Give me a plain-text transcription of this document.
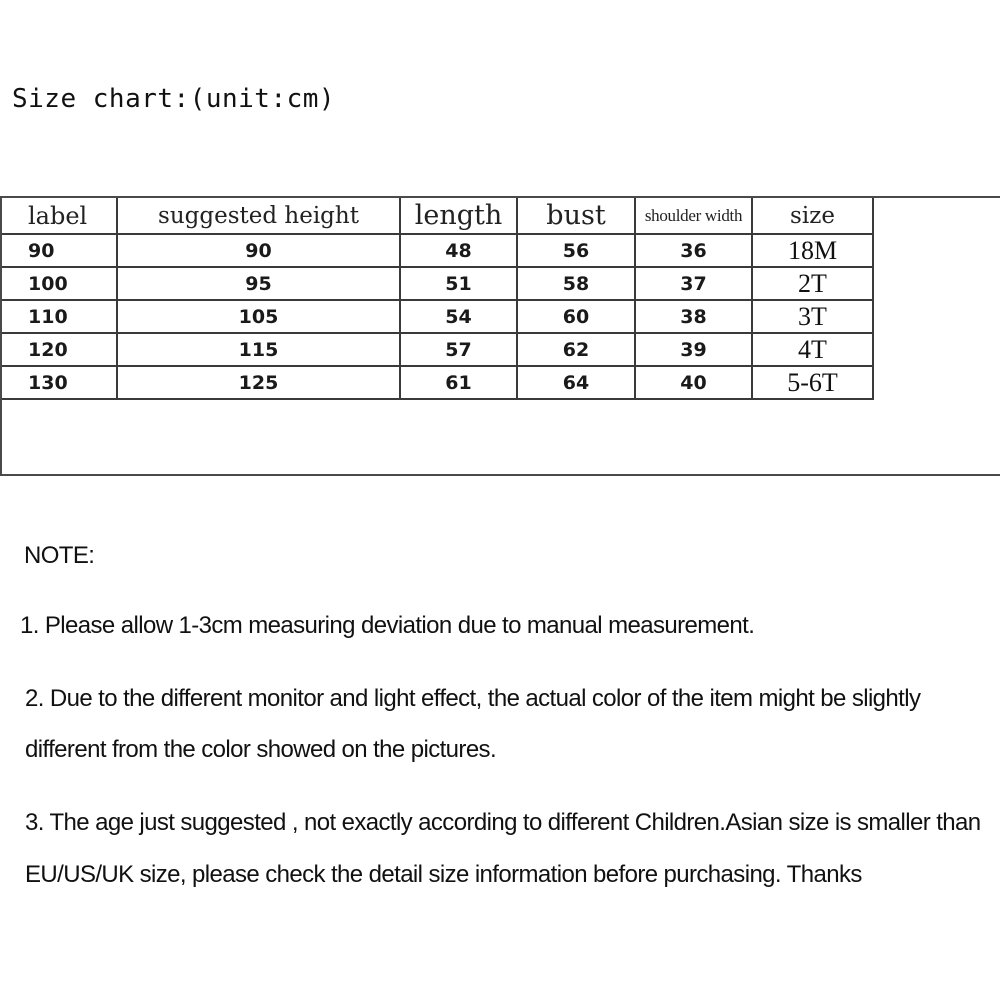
Size chart:(unit:cm)
label	suggested height	length	bust	shoulder width	size
90	90	48	56	36	18M
100	95	51	58	37	2T
110	105	54	60	38	3T
120	115	57	62	39	4T
130	125	61	64	40	5-6T
NOTE:
1. Please allow 1-3cm measuring deviation due to manual measurement.
2. Due to the different monitor and light effect, the actual color of the item might be slightly
different from the color showed on the pictures.
3. The age just suggested , not exactly according to different Children.Asian size is smaller than
EU/US/UK size, please check the detail size information before purchasing. Thanks
